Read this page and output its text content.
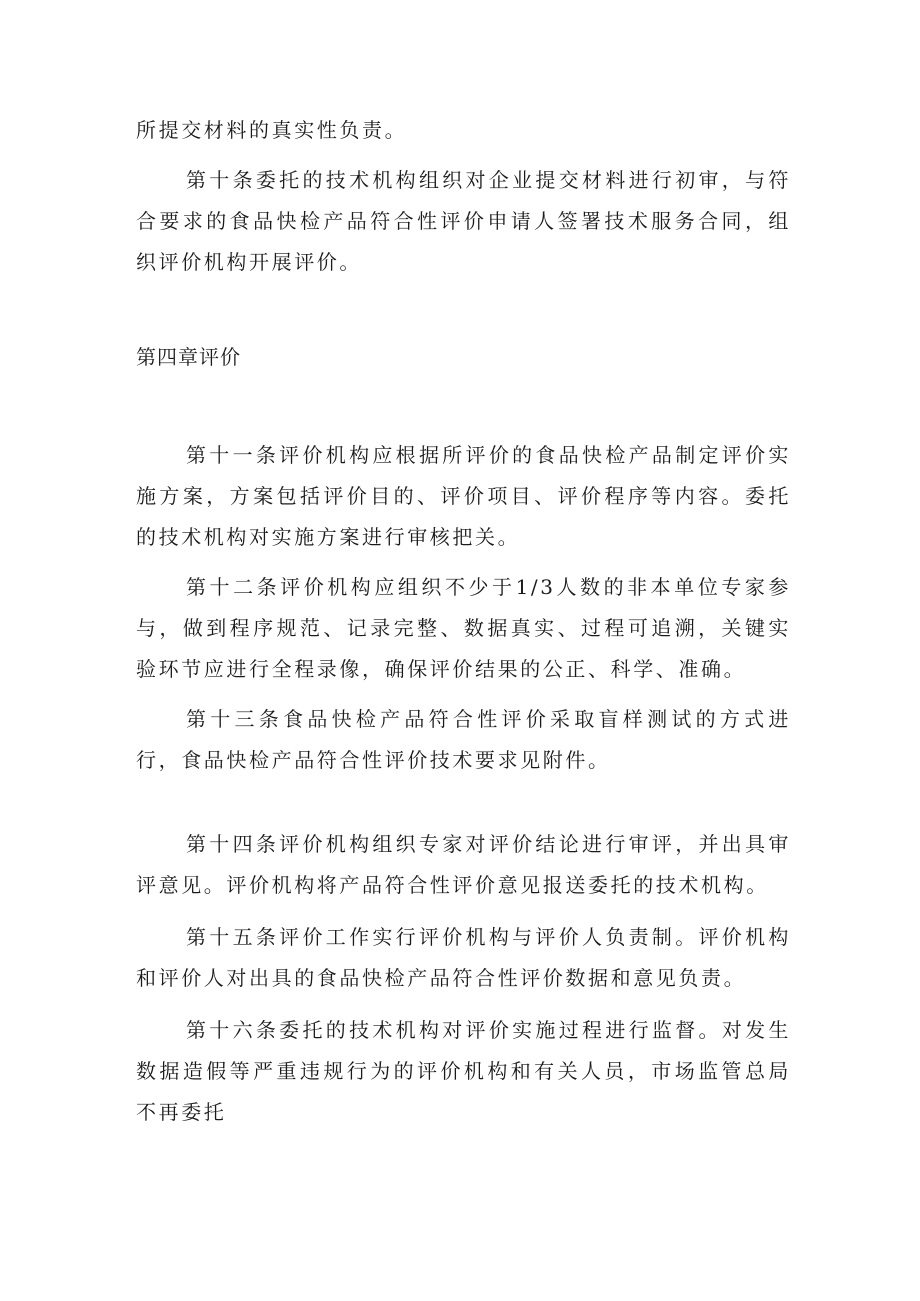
所提交材料的真实性负责。

第十条委托的技术机构组织对企业提交材料进行初审，与符合要求的食品快检产品符合性评价申请人签署技术服务合同，组织评价机构开展评价。

第四章评价

第十一条评价机构应根据所评价的食品快检产品制定评价实施方案，方案包括评价目的、评价项目、评价程序等内容。委托的技术机构对实施方案进行审核把关。

第十二条评价机构应组织不少于1/3人数的非本单位专家参与，做到程序规范、记录完整、数据真实、过程可追溯，关键实验环节应进行全程录像，确保评价结果的公正、科学、准确。

第十三条食品快检产品符合性评价采取盲样测试的方式进行，食品快检产品符合性评价技术要求见附件。

第十四条评价机构组织专家对评价结论进行审评，并出具审评意见。评价机构将产品符合性评价意见报送委托的技术机构。

第十五条评价工作实行评价机构与评价人负责制。评价机构和评价人对出具的食品快检产品符合性评价数据和意见负责。

第十六条委托的技术机构对评价实施过程进行监督。对发生数据造假等严重违规行为的评价机构和有关人员，市场监管总局不再委托
